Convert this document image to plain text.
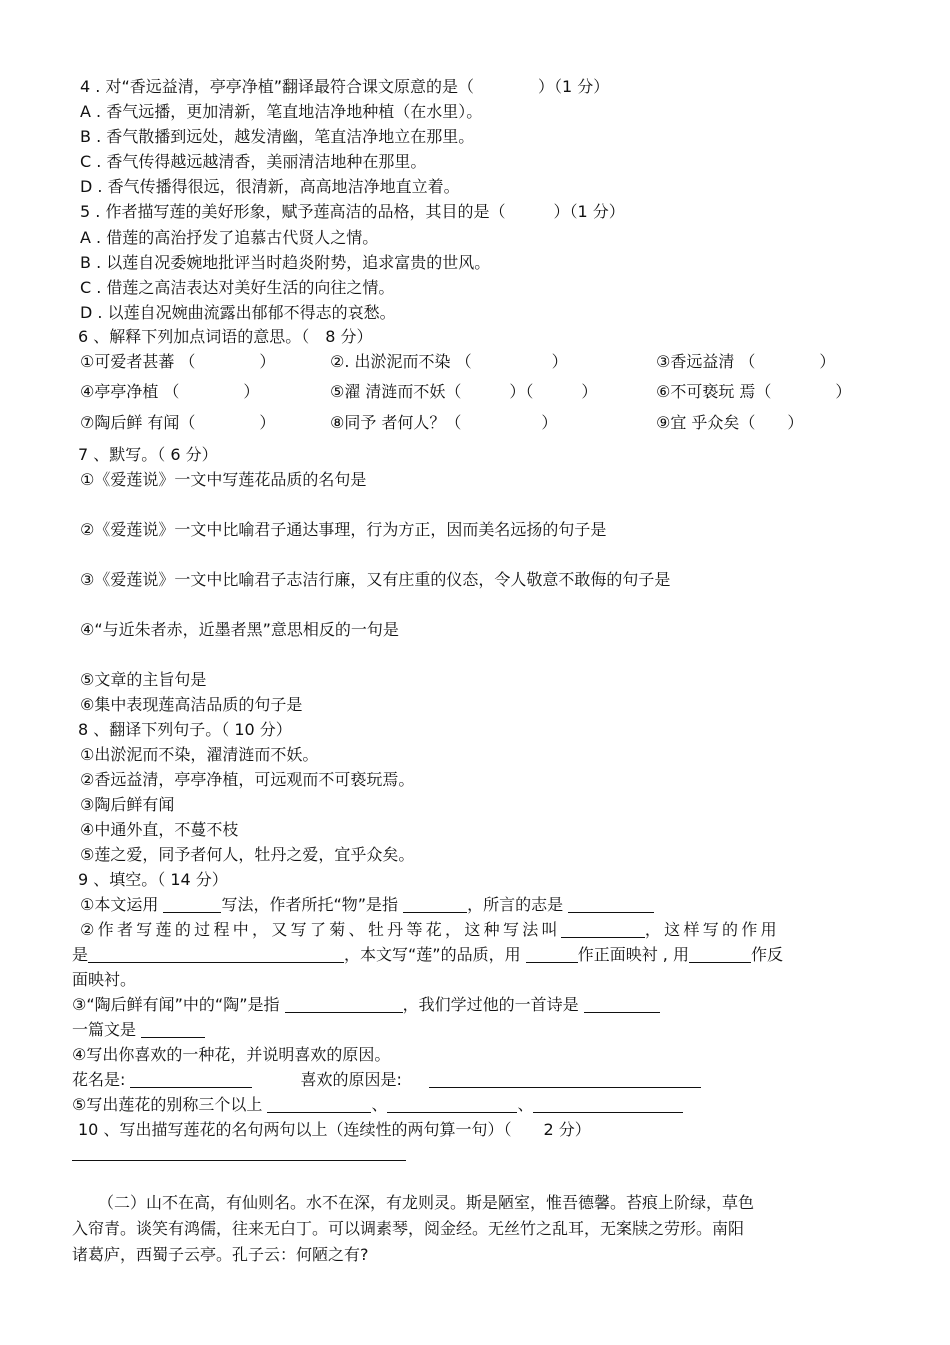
4 . 对“香远益清，亭亭净植”翻译最符合课文原意的是（　　　　）（1 分）
A . 香气远播，更加清新，笔直地洁净地种植（在水里）。
B . 香气散播到远处，越发清幽，笔直洁净地立在那里。
C . 香气传得越远越清香，美丽清洁地种在那里。
D . 香气传播得很远，很清新，高高地洁净地直立着。
5 . 作者描写莲的美好形象，赋予莲高洁的品格，其目的是（　　　）（1 分）
A . 借莲的高治抒发了追慕古代贤人之情。
B . 以莲自况委婉地批评当时趋炎附势，追求富贵的世风。
C . 借莲之高洁表达对美好生活的向往之情。
D . 以莲自况婉曲流露出郁郁不得志的哀愁。
6 、解释下列加点词语的意思。（　8 分）
①可爱者甚蕃 （　　　　）	②. 出淤泥而不染 （　　　　　）	③香远益清 （　　　　）
④亭亭净植 （　　　　）	⑤濯 清涟而不妖（　　　）（　　　）	⑥不可亵玩 焉（　　　　）
⑦陶后鲜 有闻（　　　　）	⑧同予 者何人？（　　　　　）	⑨宜 乎众矣（　　）
7 、默写。（ 6 分）
①《爱莲说》一文中写莲花品质的名句是
②《爱莲说》一文中比喻君子通达事理，行为方正，因而美名远扬的句子是
③《爱莲说》一文中比喻君子志洁行廉，又有庄重的仪态，令人敬意不敢侮的句子是
④“与近朱者赤，近墨者黑”意思相反的一句是
⑤文章的主旨句是
⑥集中表现莲高洁品质的句子是
8 、翻译下列句子。（ 10 分）
①出淤泥而不染，濯清涟而不妖。
②香远益清，亭亭净植，可远观而不可亵玩焉。
③陶后鲜有闻
④中通外直，不蔓不枝
⑤莲之爱，同予者何人，牡丹之爱，宜乎众矣。
9 、填空。（ 14 分）
①本文运用	写法，作者所托“物”是指	，所言的志是
②作者写莲的过程中，又写了菊、牡丹等花，这种写法叫	，这样写的作用
是	，本文写“莲”的品质，用	作正面映衬 , 用	作反
面映衬。
③“陶后鲜有闻”中的“陶”是指	，我们学过他的一首诗是
一篇文是
④写出你喜欢的一种花，并说明喜欢的原因。
花名是:	喜欢的原因是:
⑤写出莲花的别称三个以上	、	、
10 、写出描写莲花的名句两句以上（连续性的两句算一句）（　　2 分）
（二）山不在高，有仙则名。水不在深，有龙则灵。斯是陋室，惟吾德馨。苔痕上阶绿，草色
入帘青。谈笑有鸿儒，往来无白丁。可以调素琴，阅金经。无丝竹之乱耳，无案牍之劳形。南阳
诸葛庐，西蜀子云亭。孔子云：何陋之有?
